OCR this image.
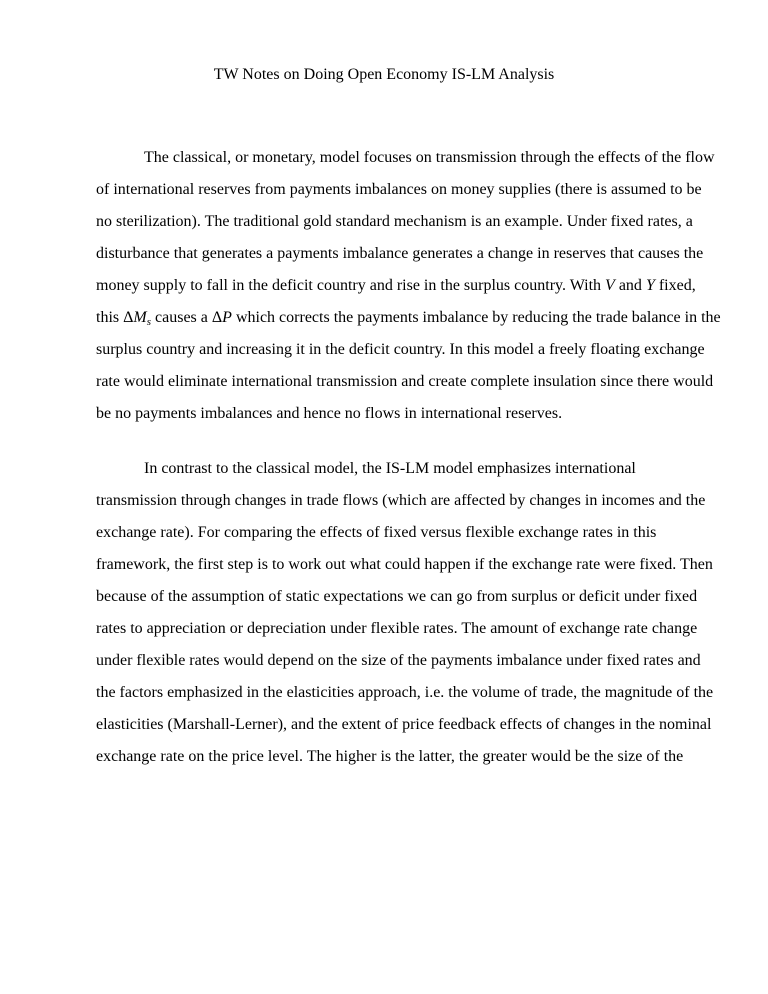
TW Notes on Doing Open Economy IS-LM Analysis
The classical, or monetary, model focuses on transmission through the effects of the flow
of international reserves from payments imbalances on money supplies (there is assumed to be
no sterilization). The traditional gold standard mechanism is an example. Under fixed rates, a
disturbance that generates a payments imbalance generates a change in reserves that causes the
money supply to fall in the deficit country and rise in the surplus country. With V and Y fixed,
this $\Delta M_s$ causes a ΔP which corrects the payments imbalance by reducing the trade balance in the
surplus country and increasing it in the deficit country. In this model a freely floating exchange
rate would eliminate international transmission and create complete insulation since there would
be no payments imbalances and hence no flows in international reserves.
In contrast to the classical model, the IS-LM model emphasizes international
transmission through changes in trade flows (which are affected by changes in incomes and the
exchange rate). For comparing the effects of fixed versus flexible exchange rates in this
framework, the first step is to work out what could happen if the exchange rate were fixed. Then
because of the assumption of static expectations we can go from surplus or deficit under fixed
rates to appreciation or depreciation under flexible rates. The amount of exchange rate change
under flexible rates would depend on the size of the payments imbalance under fixed rates and
the factors emphasized in the elasticities approach, i.e. the volume of trade, the magnitude of the
elasticities (Marshall-Lerner), and the extent of price feedback effects of changes in the nominal
exchange rate on the price level. The higher is the latter, the greater would be the size of the
